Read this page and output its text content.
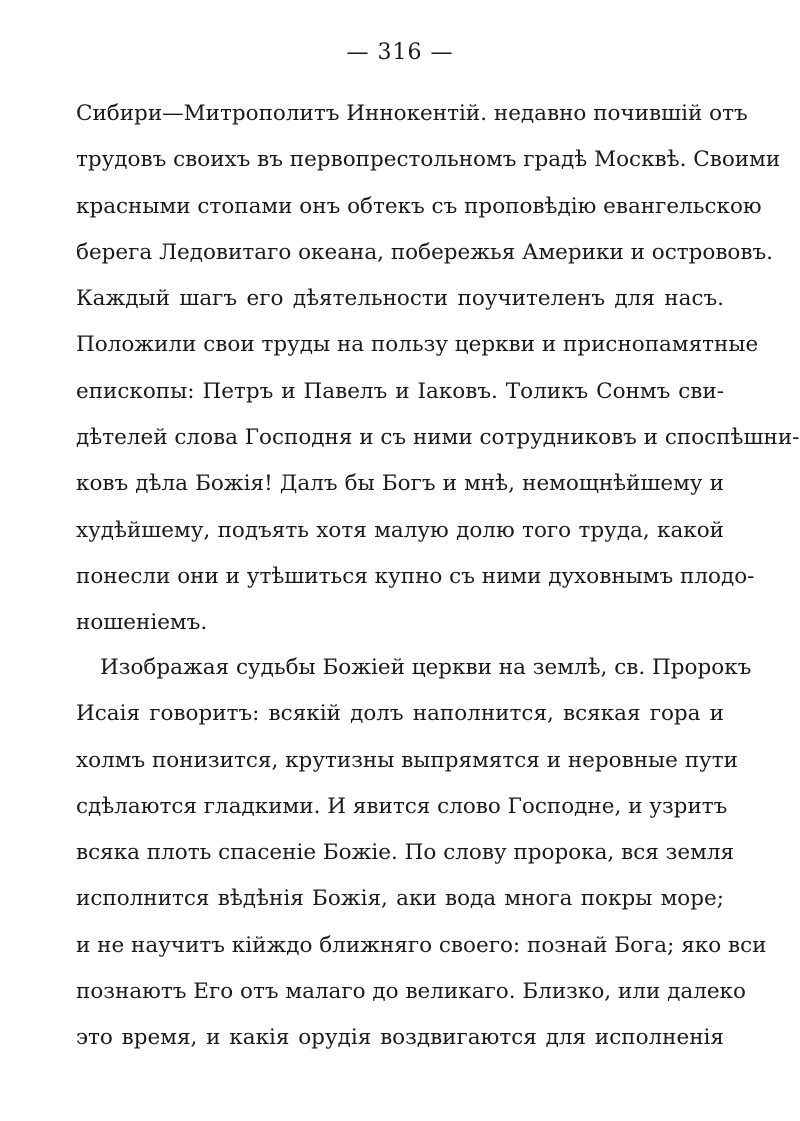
— 316 —
Сибири—Митрополитъ Иннокентій. недавно почившій отъ
трудовъ своихъ въ первопрестольномъ градѣ Москвѣ. Своими
красными стопами онъ обтекъ съ проповѣдію евангельскою
берега Ледовитаго океана, побережья Америки и острововъ.
Каждый шагъ его дѣятельности поучителенъ для насъ.
Положили свои труды на пользу церкви и приснопамятные
епископы: Петръ и Павелъ и Іаковъ. Толикъ Сонмъ сви-
дѣтелей слова Господня и съ ними сотрудниковъ и споспѣшни-
ковъ дѣла Божія! Далъ бы Богъ и мнѣ, немощнѣйшему и
худѣйшему, подъять хотя малую долю того труда, какой
понесли они и утѣшиться купно съ ними духовнымъ плодо-
ношеніемъ.
Изображая судьбы Божіей церкви на землѣ, св. Пророкъ
Исаія говоритъ: всякій долъ наполнится, всякая гора и
холмъ понизится, крутизны выпрямятся и неровные пути
сдѣлаются гладкими. И явится слово Господне, и узритъ
всяка плоть спасеніе Божіе. По слову пророка, вся земля
исполнится вѣдѣнія Божія, аки вода многа покры море;
и не научитъ кійждо ближняго своего: познай Бога; яко вси
познаютъ Его отъ малаго до великаго. Близко, или далеко
это время, и какія орудія воздвигаются для исполненія
